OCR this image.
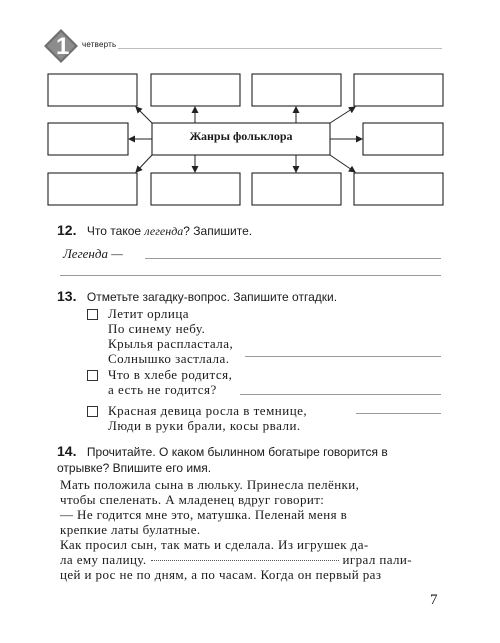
1 четверть
Жанры фольклора
12. Что такое легенда? Запишите.
Легенда —
13. Отметьте загадку-вопрос. Запишите отгадки.
Летит орлица
По синему небу.
Крылья распластала,
Солнышко застлала.
Что в хлебе родится,
а есть не годится?
Красная девица росла в темнице,
Люди в руки брали, косы рвали.
14. Прочитайте. О каком былинном богатыре говорится в
отрывке? Впишите его имя.
Мать положила сына в люльку. Принесла пелёнки,
чтобы спеленать. А младенец вдруг говорит:
— Не годится мне это, матушка. Пеленай меня в
крепкие латы булатные.
Как просил сын, так мать и сделала. Из игрушек да-
ла ему палицу.	играл пали-
цей и рос не по дням, а по часам. Когда он первый раз
7
